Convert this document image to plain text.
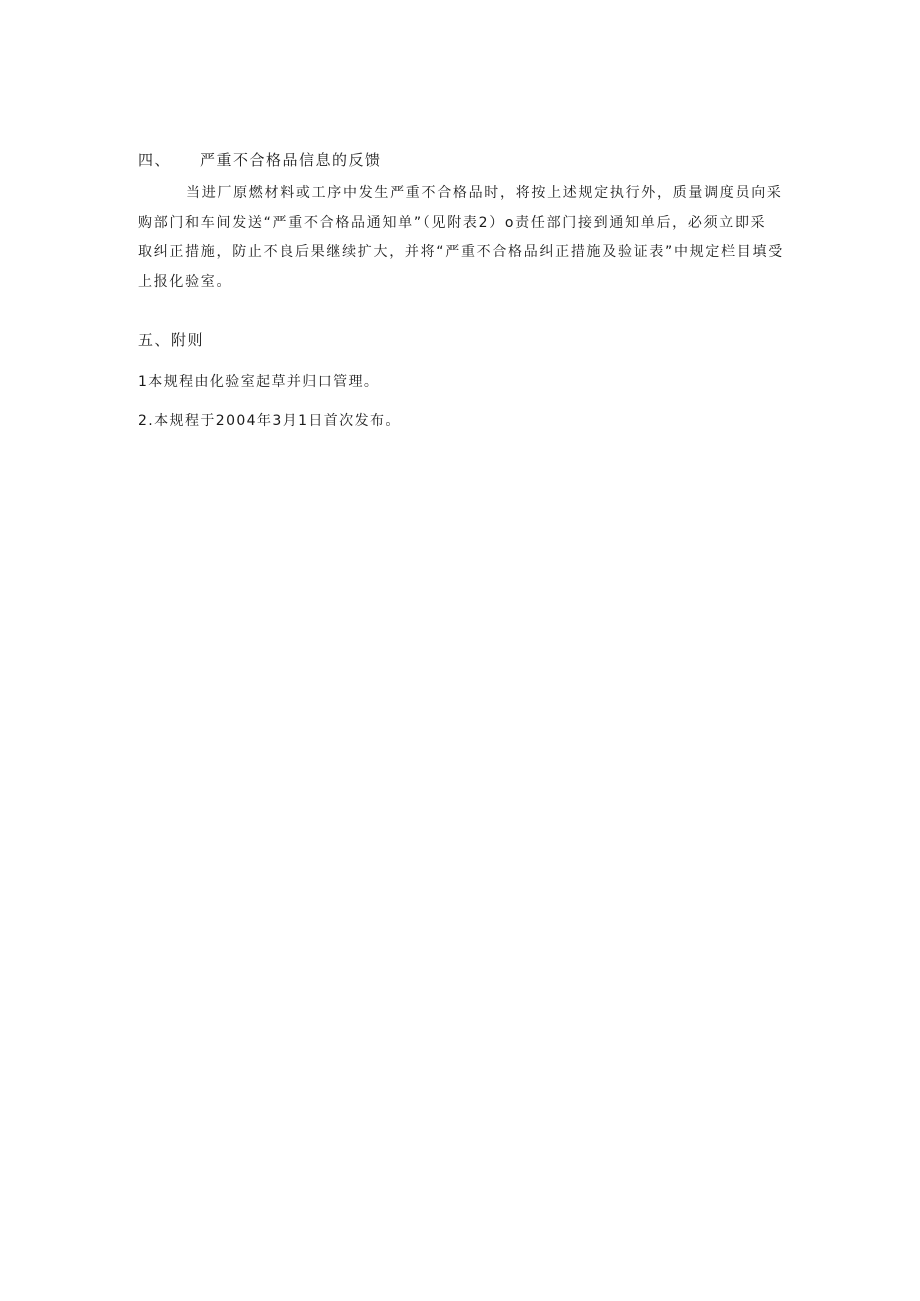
四、 严重不合格品信息的反馈
当进厂原燃材料或工序中发生严重不合格品时，将按上述规定执行外，质量调度员向采
购部门和车间发送“严重不合格品通知单”（见附表2）o责任部门接到通知单后，必须立即采
取纠正措施，防止不良后果继续扩大，并将“严重不合格品纠正措施及验证表”中规定栏目填受
上报化验室。
五、附则
1本规程由化验室起草并归口管理。
2.本规程于2004年3月1日首次发布。
